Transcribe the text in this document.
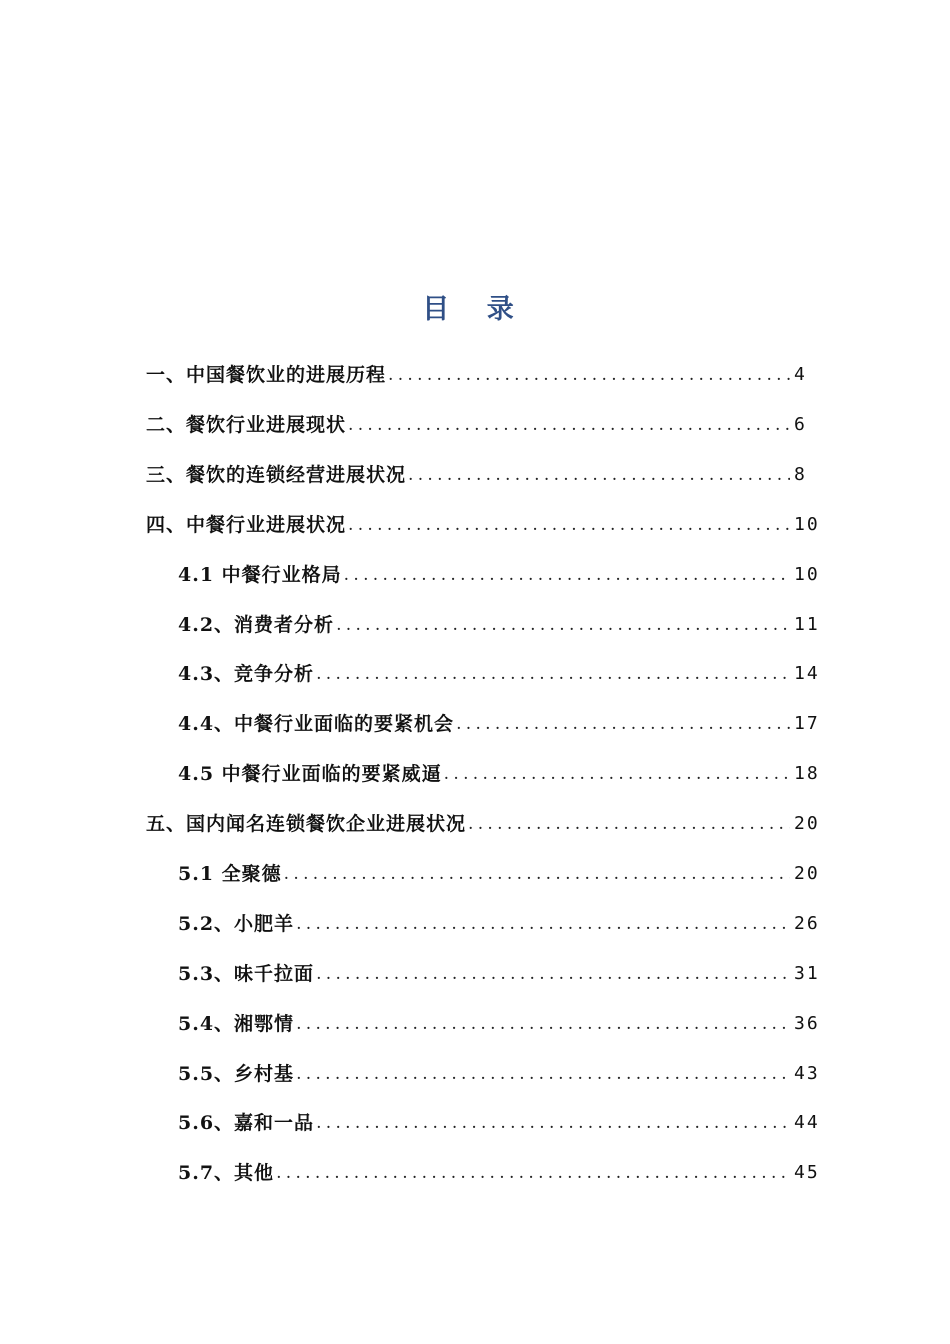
目 录
一、中国餐饮业的进展历程 .....	4
二、餐饮行业进展现状 .....	6
三、餐饮的连锁经营进展状况 .....	8
四、中餐行业进展状况 .....	10
4.1 中餐行业格局 .....	10
4.2、消费者分析 .....	11
4.3、竞争分析 .....	14
4.4、中餐行业面临的要紧机会 .....	17
4.5 中餐行业面临的要紧威逼 .....	18
五、国内闻名连锁餐饮企业进展状况 .....	20
5.1 全聚德 .....	20
5.2、小肥羊 .....	26
5.3、味千拉面 .....	31
5.4、湘鄂情 .....	36
5.5、乡村基 .....	43
5.6、嘉和一品 .....	44
5.7、其他 .....	45
